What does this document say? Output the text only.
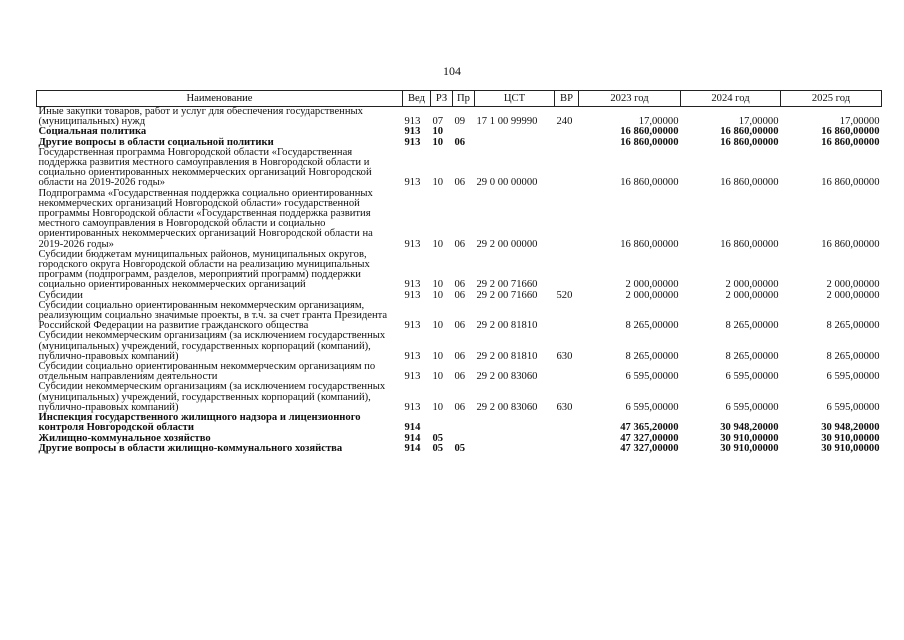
104
Наименование	Вед	РЗ	Пр	ЦСТ	ВР	2023 год	2024 год	2025 год
Иные закупки товаров, работ и услуг для обеспечения государственных (муниципальных) нужд	913	07	09	17 1 00 99990	240	17,00000	17,00000	17,00000
Социальная политика	913	10				16 860,00000	16 860,00000	16 860,00000
Другие вопросы в области социальной политики	913	10	06			16 860,00000	16 860,00000	16 860,00000
Государственная программа Новгородской области «Государственная поддержка развития местного самоуправления в Новгородской области и социально ориентированных некоммерческих организаций Новгородской области на 2019-2026 годы»	913	10	06	29 0 00 00000		16 860,00000	16 860,00000	16 860,00000
Подпрограмма «Государственная поддержка социально ориентированных некоммерческих организаций Новгородской области» государственной программы Новгородской области «Государственная поддержка развития местного самоуправления в Новгородской области и социально ориентированных некоммерческих организаций Новгородской области на 2019-2026 годы»	913	10	06	29 2 00 00000		16 860,00000	16 860,00000	16 860,00000
Субсидии бюджетам муниципальных районов, муниципальных округов, городского округа Новгородской области на реализацию муниципальных программ (подпрограмм, разделов, мероприятий программ) поддержки социально ориентированных некоммерческих организаций	913	10	06	29 2 00 71660		2 000,00000	2 000,00000	2 000,00000
Субсидии	913	10	06	29 2 00 71660	520	2 000,00000	2 000,00000	2 000,00000
Субсидии социально ориентированным некоммерческим организациям, реализующим социально значимые проекты, в т.ч. за счет гранта Президента Российской Федерации на развитие гражданского общества	913	10	06	29 2 00 81810		8 265,00000	8 265,00000	8 265,00000
Субсидии некоммерческим организациям (за исключением государственных (муниципальных) учреждений, государственных корпораций (компаний), публично-правовых компаний)	913	10	06	29 2 00 81810	630	8 265,00000	8 265,00000	8 265,00000
Субсидии социально ориентированным некоммерческим организациям по отдельным направлениям деятельности	913	10	06	29 2 00 83060		6 595,00000	6 595,00000	6 595,00000
Субсидии некоммерческим организациям (за исключением государственных (муниципальных) учреждений, государственных корпораций (компаний), публично-правовых компаний)	913	10	06	29 2 00 83060	630	6 595,00000	6 595,00000	6 595,00000
Инспекция государственного жилищного надзора и лицензионного контроля Новгородской области	914					47 365,20000	30 948,20000	30 948,20000
Жилищно-коммунальное хозяйство	914	05				47 327,00000	30 910,00000	30 910,00000
Другие вопросы в области жилищно-коммунального хозяйства	914	05	05			47 327,00000	30 910,00000	30 910,00000
